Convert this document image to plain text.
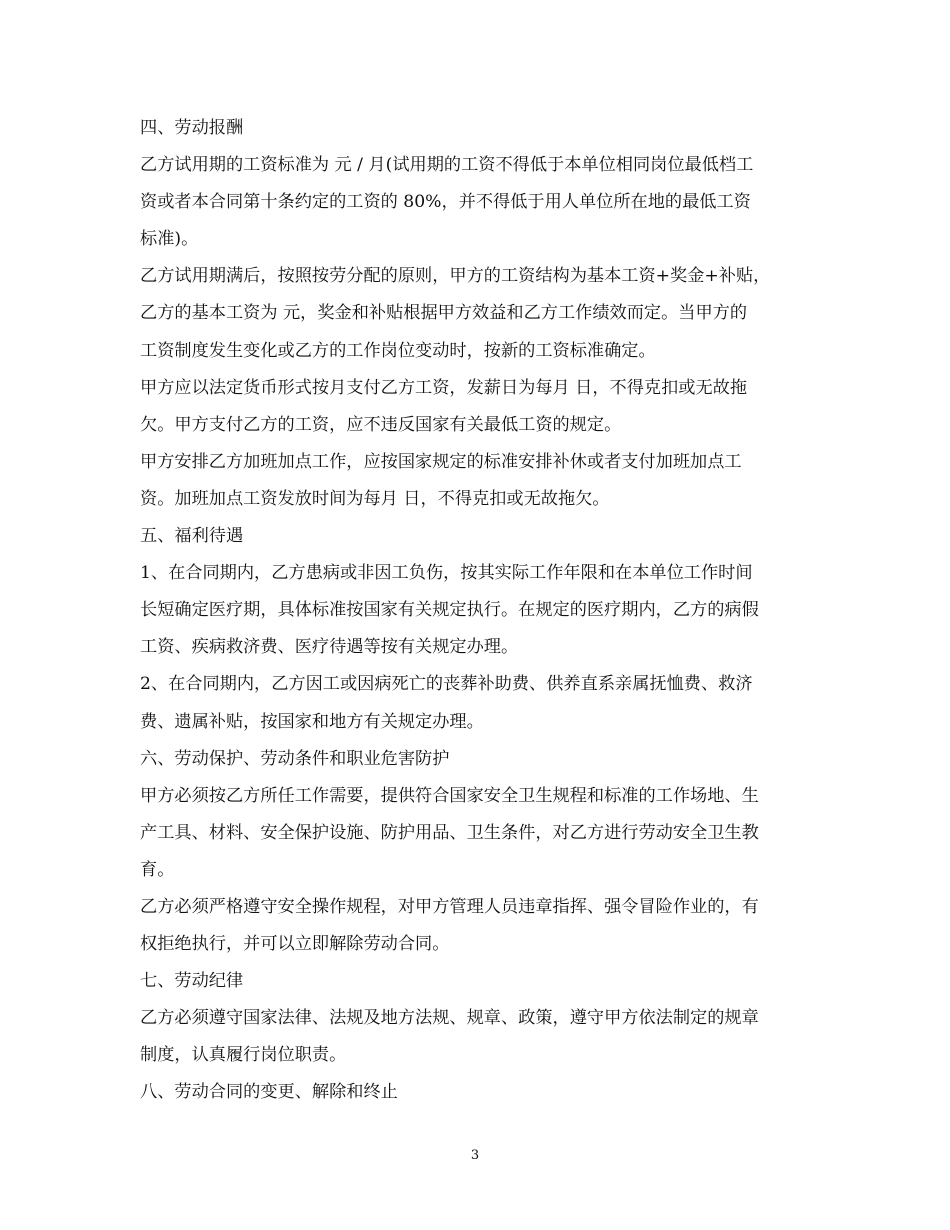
四、劳动报酬
乙方试用期的工资标准为 元 / 月(试用期的工资不得低于本单位相同岗位最低档工
资或者本合同第十条约定的工资的 80%，并不得低于用人单位所在地的最低工资
标准)。
乙方试用期满后，按照按劳分配的原则，甲方的工资结构为基本工资+奖金+补贴，
乙方的基本工资为 元，奖金和补贴根据甲方效益和乙方工作绩效而定。当甲方的
工资制度发生变化或乙方的工作岗位变动时，按新的工资标准确定。
甲方应以法定货币形式按月支付乙方工资，发薪日为每月 日，不得克扣或无故拖
欠。甲方支付乙方的工资，应不违反国家有关最低工资的规定。
甲方安排乙方加班加点工作，应按国家规定的标准安排补休或者支付加班加点工
资。加班加点工资发放时间为每月 日，不得克扣或无故拖欠。
五、福利待遇
1、在合同期内，乙方患病或非因工负伤，按其实际工作年限和在本单位工作时间
长短确定医疗期，具体标准按国家有关规定执行。在规定的医疗期内，乙方的病假
工资、疾病救济费、医疗待遇等按有关规定办理。
2、在合同期内，乙方因工或因病死亡的丧葬补助费、供养直系亲属抚恤费、救济
费、遗属补贴，按国家和地方有关规定办理。
六、劳动保护、劳动条件和职业危害防护
甲方必须按乙方所任工作需要，提供符合国家安全卫生规程和标准的工作场地、生
产工具、材料、安全保护设施、防护用品、卫生条件，对乙方进行劳动安全卫生教
育。
乙方必须严格遵守安全操作规程，对甲方管理人员违章指挥、强令冒险作业的，有
权拒绝执行，并可以立即解除劳动合同。
七、劳动纪律
乙方必须遵守国家法律、法规及地方法规、规章、政策，遵守甲方依法制定的规章
制度，认真履行岗位职责。
八、劳动合同的变更、解除和终止
3
